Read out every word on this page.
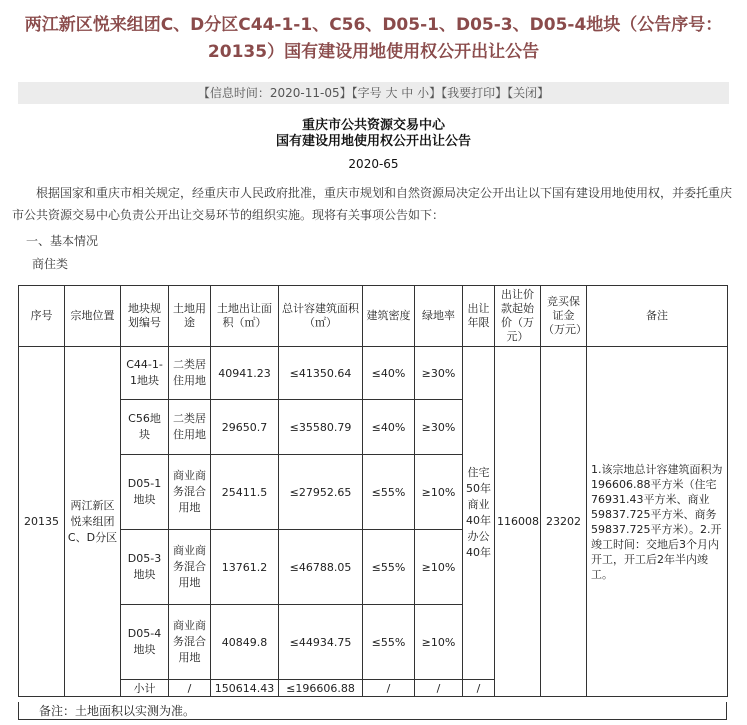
两江新区悦来组团C、D分区C44-1-1、C56、D05-1、D05-3、D05-4地块（公告序号：20135）国有建设用地使用权公开出让公告
【信息时间：2020-11-05】【字号 大 中 小】【我要打印】【关闭】
重庆市公共资源交易中心
国有建设用地使用权公开出让公告
2020-65
根据国家和重庆市相关规定，经重庆市人民政府批准，重庆市规划和自然资源局决定公开出让以下国有建设用地使用权，并委托重庆市公共资源交易中心负责公开出让交易环节的组织实施。现将有关事项公告如下：
一、基本情况
商住类
序号	宗地位置	地块规划编号	土地用途	土地出让面积（㎡）	总计容建筑面积（㎡）	建筑密度	绿地率	出让年限	出让价款起始价（万元）	竞买保证金（万元）	备注
20135	两江新区悦来组团C、D分区	C44-1-1地块	二类居住用地	40941.23	≤41350.64	≤40%	≥30%	住宅50年商业40年办公40年	116008	23202	1.该宗地总计容建筑面积为196606.88平方米（住宅76931.43平方米、商业59837.725平方米、商务59837.725平方米）。2.开竣工时间：交地后3个月内开工，开工后2年半内竣工。
		C56地块	二类居住用地	29650.7	≤35580.79	≤40%	≥30%				
		D05-1地块	商业商务混合用地	25411.5	≤27952.65	≤55%	≥10%				
		D05-3地块	商业商务混合用地	13761.2	≤46788.05	≤55%	≥10%				
		D05-4地块	商业商务混合用地	40849.8	≤44934.75	≤55%	≥10%				
		小计	/	150614.43	≤196606.88	/	/	/			
备注：土地面积以实测为准。
